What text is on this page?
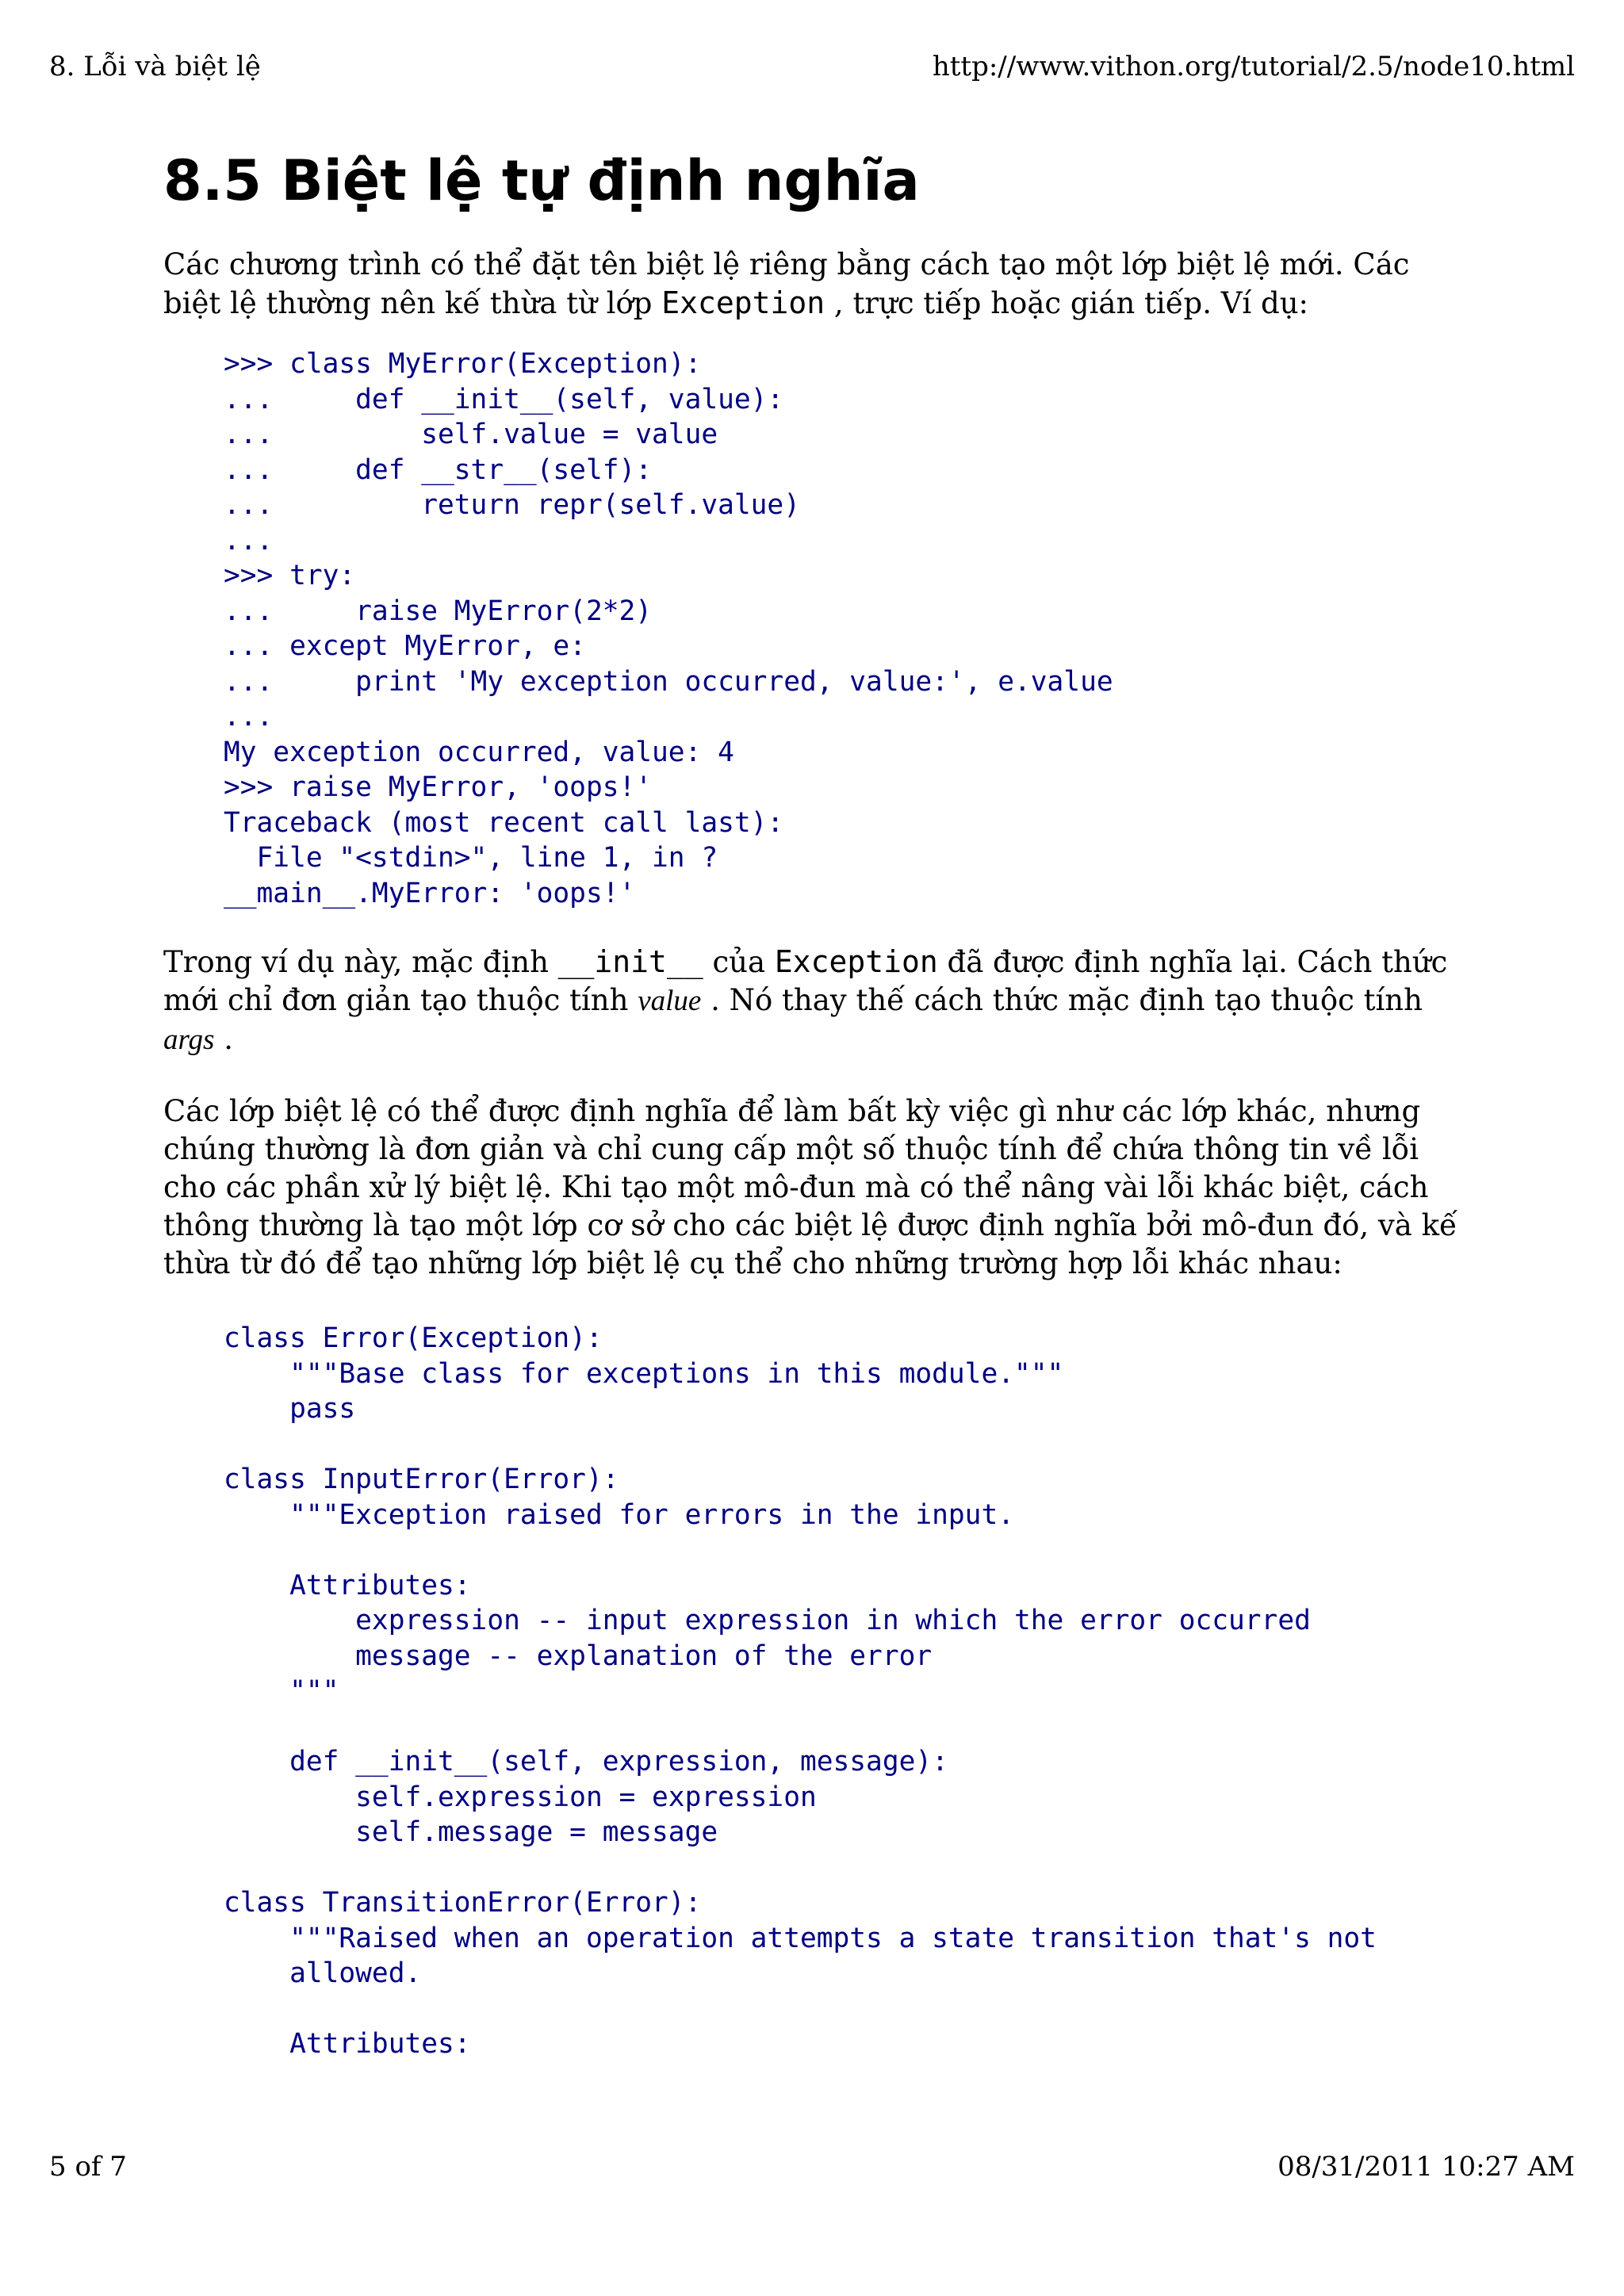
8. Lỗi và biệt lệ	http://www.vithon.org/tutorial/2.5/node10.html
8.5 Biệt lệ tự định nghĩa

Các chương trình có thể đặt tên biệt lệ riêng bằng cách tạo một lớp biệt lệ mới. Các biệt lệ thường nên kế thừa từ lớp Exception , trực tiếp hoặc gián tiếp. Ví dụ:

>>> class MyError(Exception):
...     def __init__(self, value):
...         self.value = value
...     def __str__(self):
...         return repr(self.value)
...
>>> try:
...     raise MyError(2*2)
... except MyError, e:
...     print 'My exception occurred, value:', e.value
...
My exception occurred, value: 4
>>> raise MyError, 'oops!'
Traceback (most recent call last):
File "<stdin>", line 1, in ?
__main__.MyError: 'oops!'

Trong ví dụ này, mặc định __init__ của Exception đã được định nghĩa lại. Cách thức mới chỉ đơn giản tạo thuộc tính value . Nó thay thế cách thức mặc định tạo thuộc tính args .

Các lớp biệt lệ có thể được định nghĩa để làm bất kỳ việc gì như các lớp khác, nhưng chúng thường là đơn giản và chỉ cung cấp một số thuộc tính để chứa thông tin về lỗi cho các phần xử lý biệt lệ. Khi tạo một mô-đun mà có thể nâng vài lỗi khác biệt, cách thông thường là tạo một lớp cơ sở cho các biệt lệ được định nghĩa bởi mô-đun đó, và kế thừa từ đó để tạo những lớp biệt lệ cụ thể cho những trường hợp lỗi khác nhau:

class Error(Exception):
"""Base class for exceptions in this module."""
pass

class InputError(Error):
"""Exception raised for errors in the input.

Attributes:
expression -- input expression in which the error occurred
message -- explanation of the error
"""

def __init__(self, expression, message):
self.expression = expression
self.message = message

class TransitionError(Error):
"""Raised when an operation attempts a state transition that's not
allowed.

Attributes:
5 of 7	08/31/2011 10:27 AM
